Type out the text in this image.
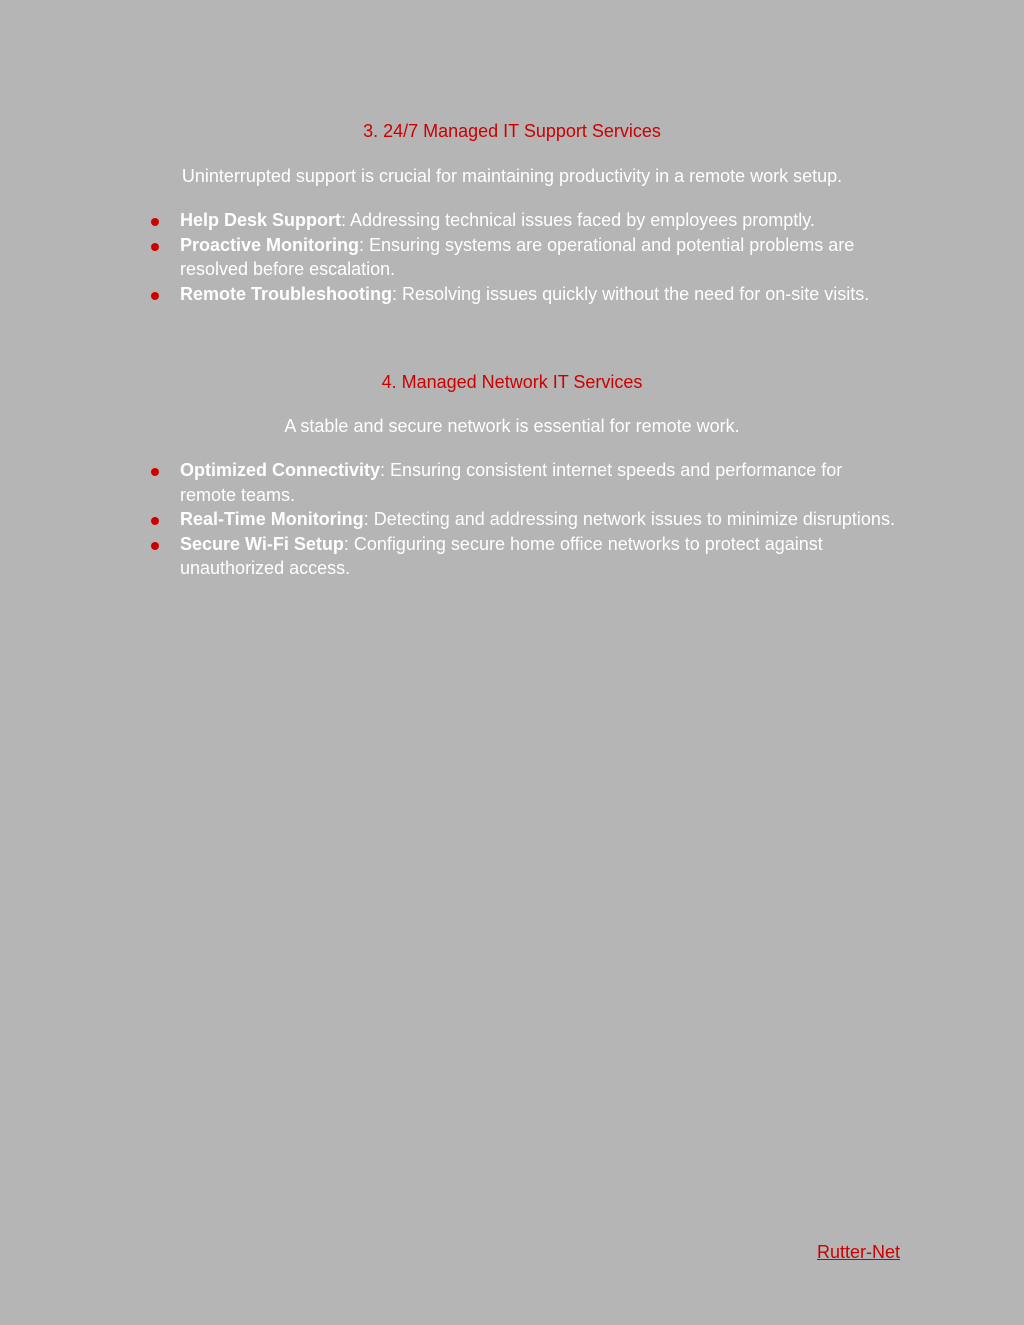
3. 24/7 Managed IT Support Services

Uninterrupted support is crucial for maintaining productivity in a remote work setup.

Help Desk Support: Addressing technical issues faced by employees promptly.
Proactive Monitoring: Ensuring systems are operational and potential problems are resolved before escalation.
Remote Troubleshooting: Resolving issues quickly without the need for on-site visits.
4. Managed Network IT Services

A stable and secure network is essential for remote work.

Optimized Connectivity: Ensuring consistent internet speeds and performance for remote teams.
Real-Time Monitoring: Detecting and addressing network issues to minimize disruptions.
Secure Wi-Fi Setup: Configuring secure home office networks to protect against unauthorized access.
Rutter-Net
